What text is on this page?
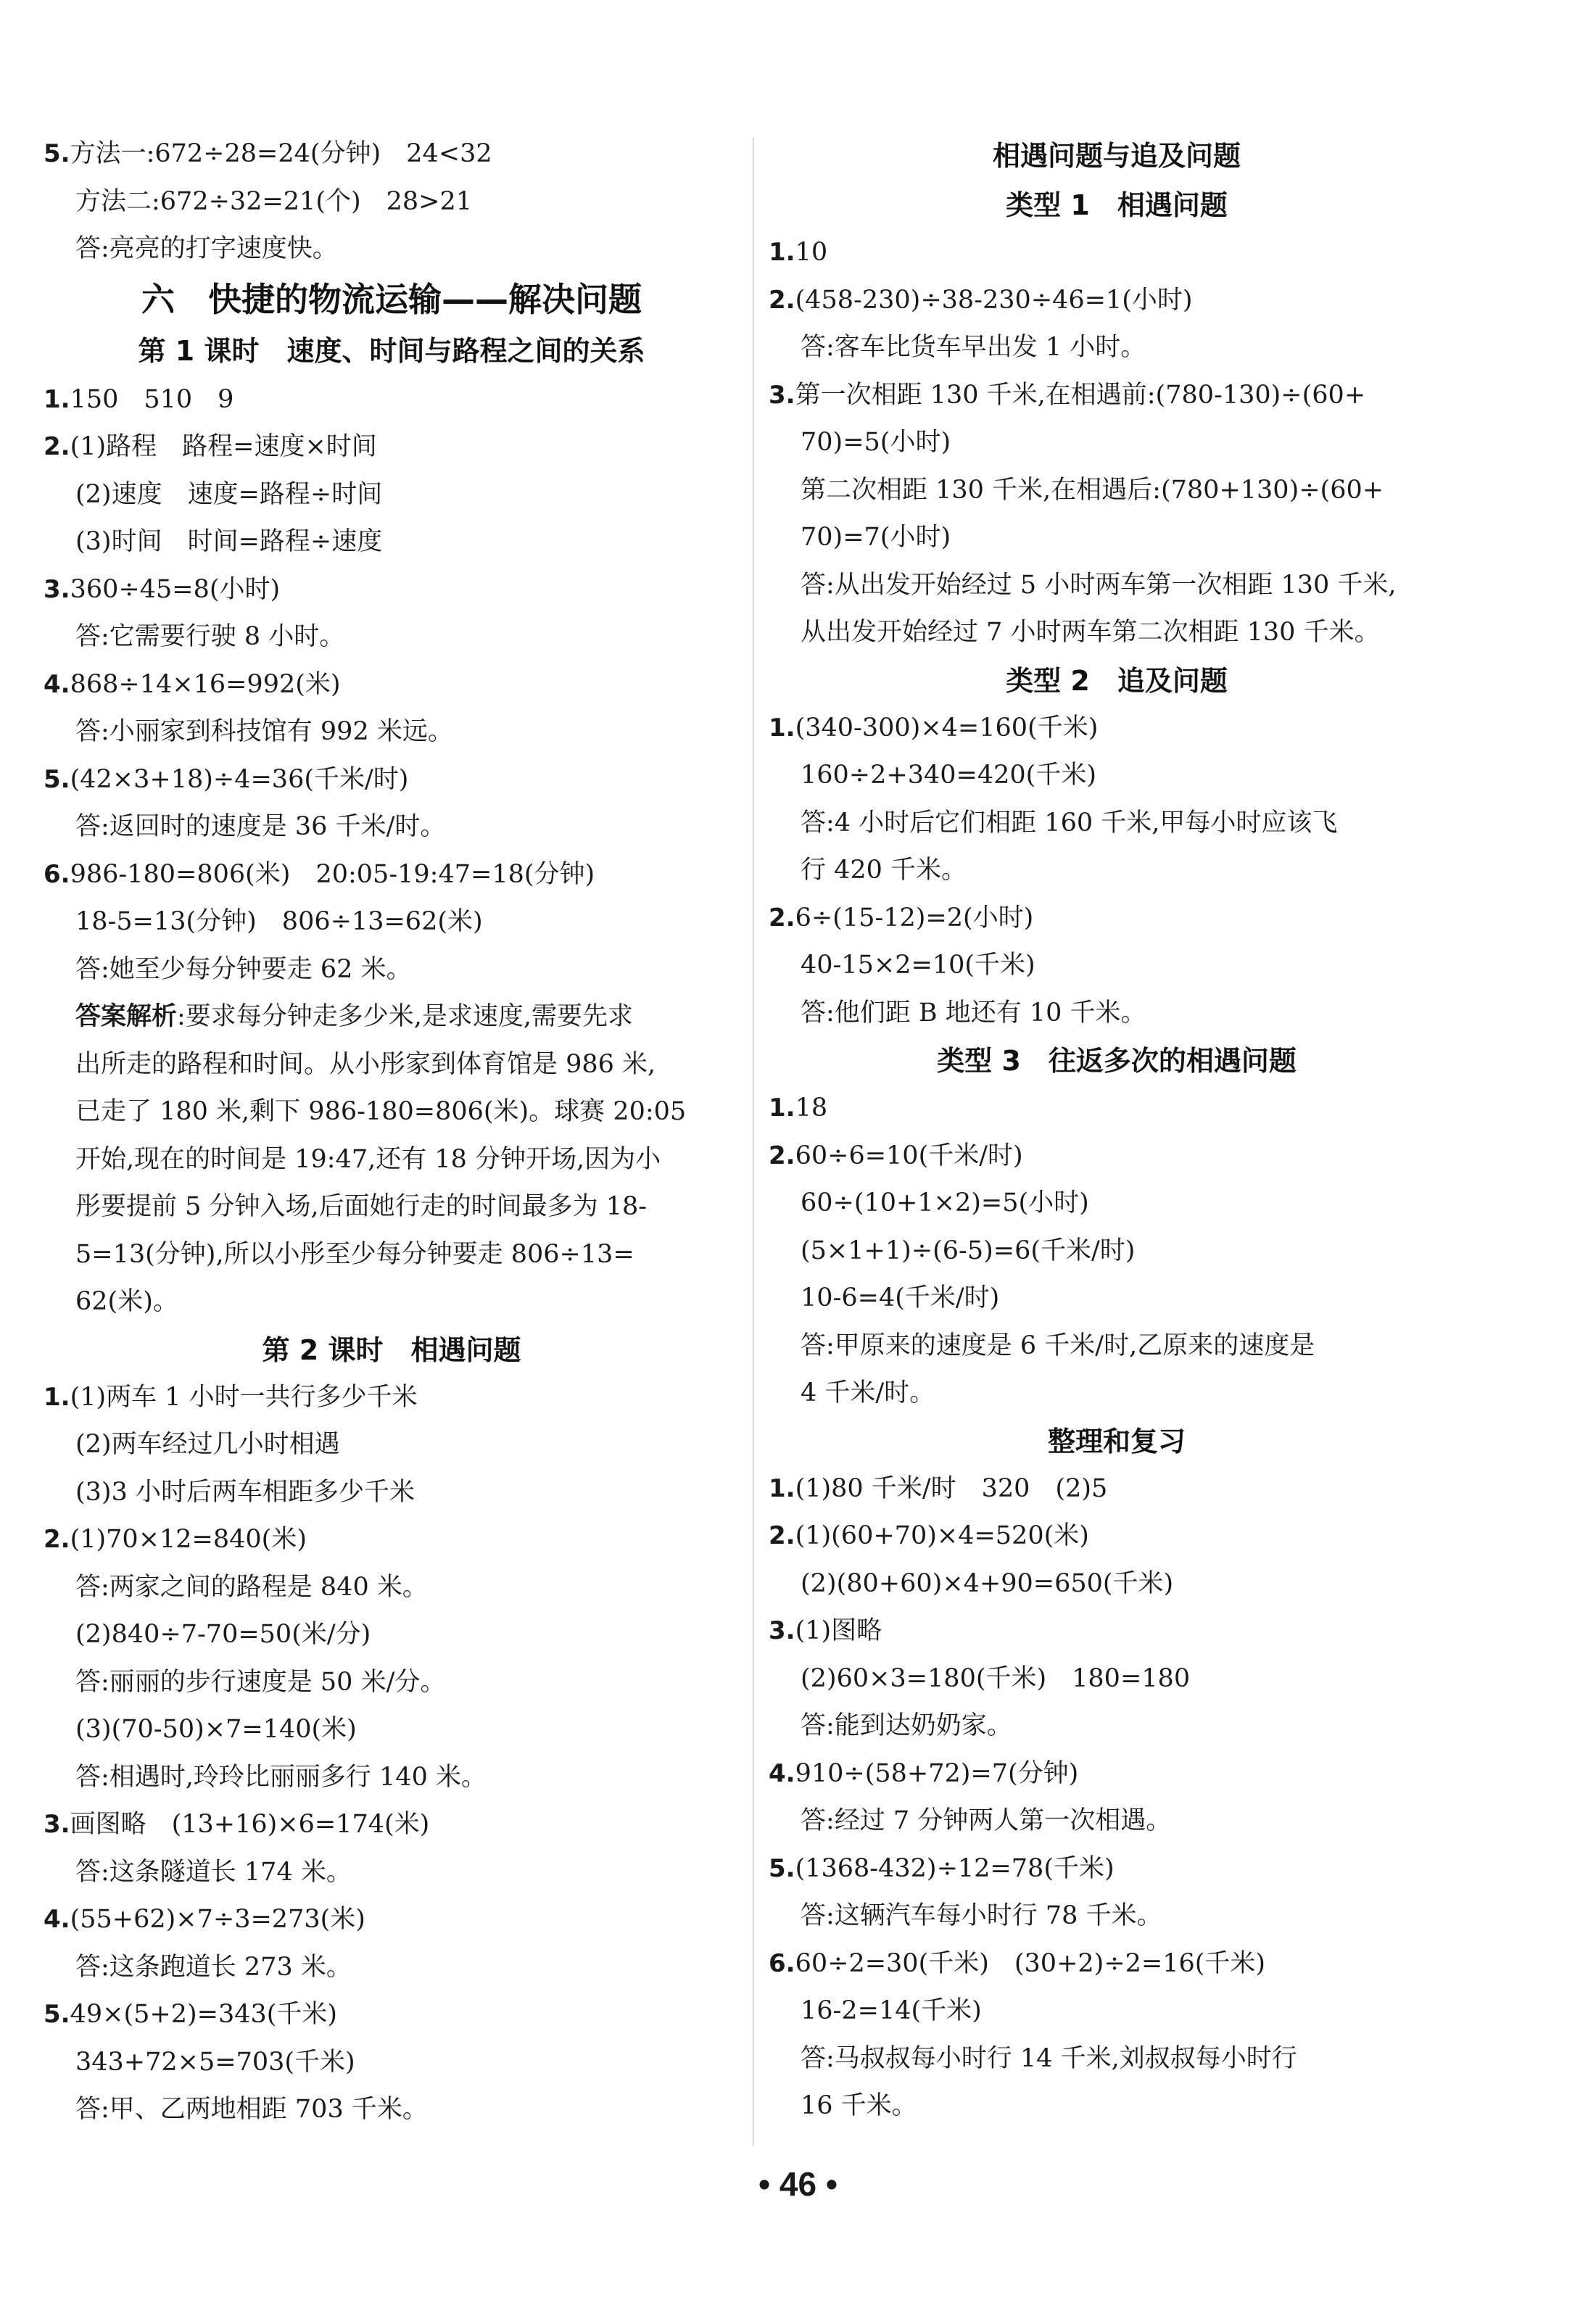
5.方法一:672÷28=24(分钟)　24<32
方法二:672÷32=21(个)　28>21
答:亮亮的打字速度快。
六　快捷的物流运输——解决问题
第 1 课时　速度、时间与路程之间的关系
1.150　510　9
2.(1)路程　路程=速度×时间
(2)速度　速度=路程÷时间
(3)时间　时间=路程÷速度
3.360÷45=8(小时)
答:它需要行驶 8 小时。
4.868÷14×16=992(米)
答:小丽家到科技馆有 992 米远。
5.(42×3+18)÷4=36(千米/时)
答:返回时的速度是 36 千米/时。
6.986-180=806(米)　20:05-19:47=18(分钟)
18-5=13(分钟)　806÷13=62(米)
答:她至少每分钟要走 62 米。
答案解析:要求每分钟走多少米,是求速度,需要先求
出所走的路程和时间。从小彤家到体育馆是 986 米,
已走了 180 米,剩下 986-180=806(米)。球赛 20:05
开始,现在的时间是 19:47,还有 18 分钟开场,因为小
彤要提前 5 分钟入场,后面她行走的时间最多为 18-
5=13(分钟),所以小彤至少每分钟要走 806÷13=
62(米)。
第 2 课时　相遇问题
1.(1)两车 1 小时一共行多少千米
(2)两车经过几小时相遇
(3)3 小时后两车相距多少千米
2.(1)70×12=840(米)
答:两家之间的路程是 840 米。
(2)840÷7-70=50(米/分)
答:丽丽的步行速度是 50 米/分。
(3)(70-50)×7=140(米)
答:相遇时,玲玲比丽丽多行 140 米。
3.画图略　(13+16)×6=174(米)
答:这条隧道长 174 米。
4.(55+62)×7÷3=273(米)
答:这条跑道长 273 米。
5.49×(5+2)=343(千米)
343+72×5=703(千米)
答:甲、乙两地相距 703 千米。
相遇问题与追及问题
类型 1　相遇问题
1.10
2.(458-230)÷38-230÷46=1(小时)
答:客车比货车早出发 1 小时。
3.第一次相距 130 千米,在相遇前:(780-130)÷(60+
70)=5(小时)
第二次相距 130 千米,在相遇后:(780+130)÷(60+
70)=7(小时)
答:从出发开始经过 5 小时两车第一次相距 130 千米,
从出发开始经过 7 小时两车第二次相距 130 千米。
类型 2　追及问题
1.(340-300)×4=160(千米)
160÷2+340=420(千米)
答:4 小时后它们相距 160 千米,甲每小时应该飞
行 420 千米。
2.6÷(15-12)=2(小时)
40-15×2=10(千米)
答:他们距 B 地还有 10 千米。
类型 3　往返多次的相遇问题
1.18
2.60÷6=10(千米/时)
60÷(10+1×2)=5(小时)
(5×1+1)÷(6-5)=6(千米/时)
10-6=4(千米/时)
答:甲原来的速度是 6 千米/时,乙原来的速度是
4 千米/时。
整理和复习
1.(1)80 千米/时　320　(2)5
2.(1)(60+70)×4=520(米)
(2)(80+60)×4+90=650(千米)
3.(1)图略
(2)60×3=180(千米)　180=180
答:能到达奶奶家。
4.910÷(58+72)=7(分钟)
答:经过 7 分钟两人第一次相遇。
5.(1368-432)÷12=78(千米)
答:这辆汽车每小时行 78 千米。
6.60÷2=30(千米)　(30+2)÷2=16(千米)
16-2=14(千米)
答:马叔叔每小时行 14 千米,刘叔叔每小时行
16 千米。
• 46 •
